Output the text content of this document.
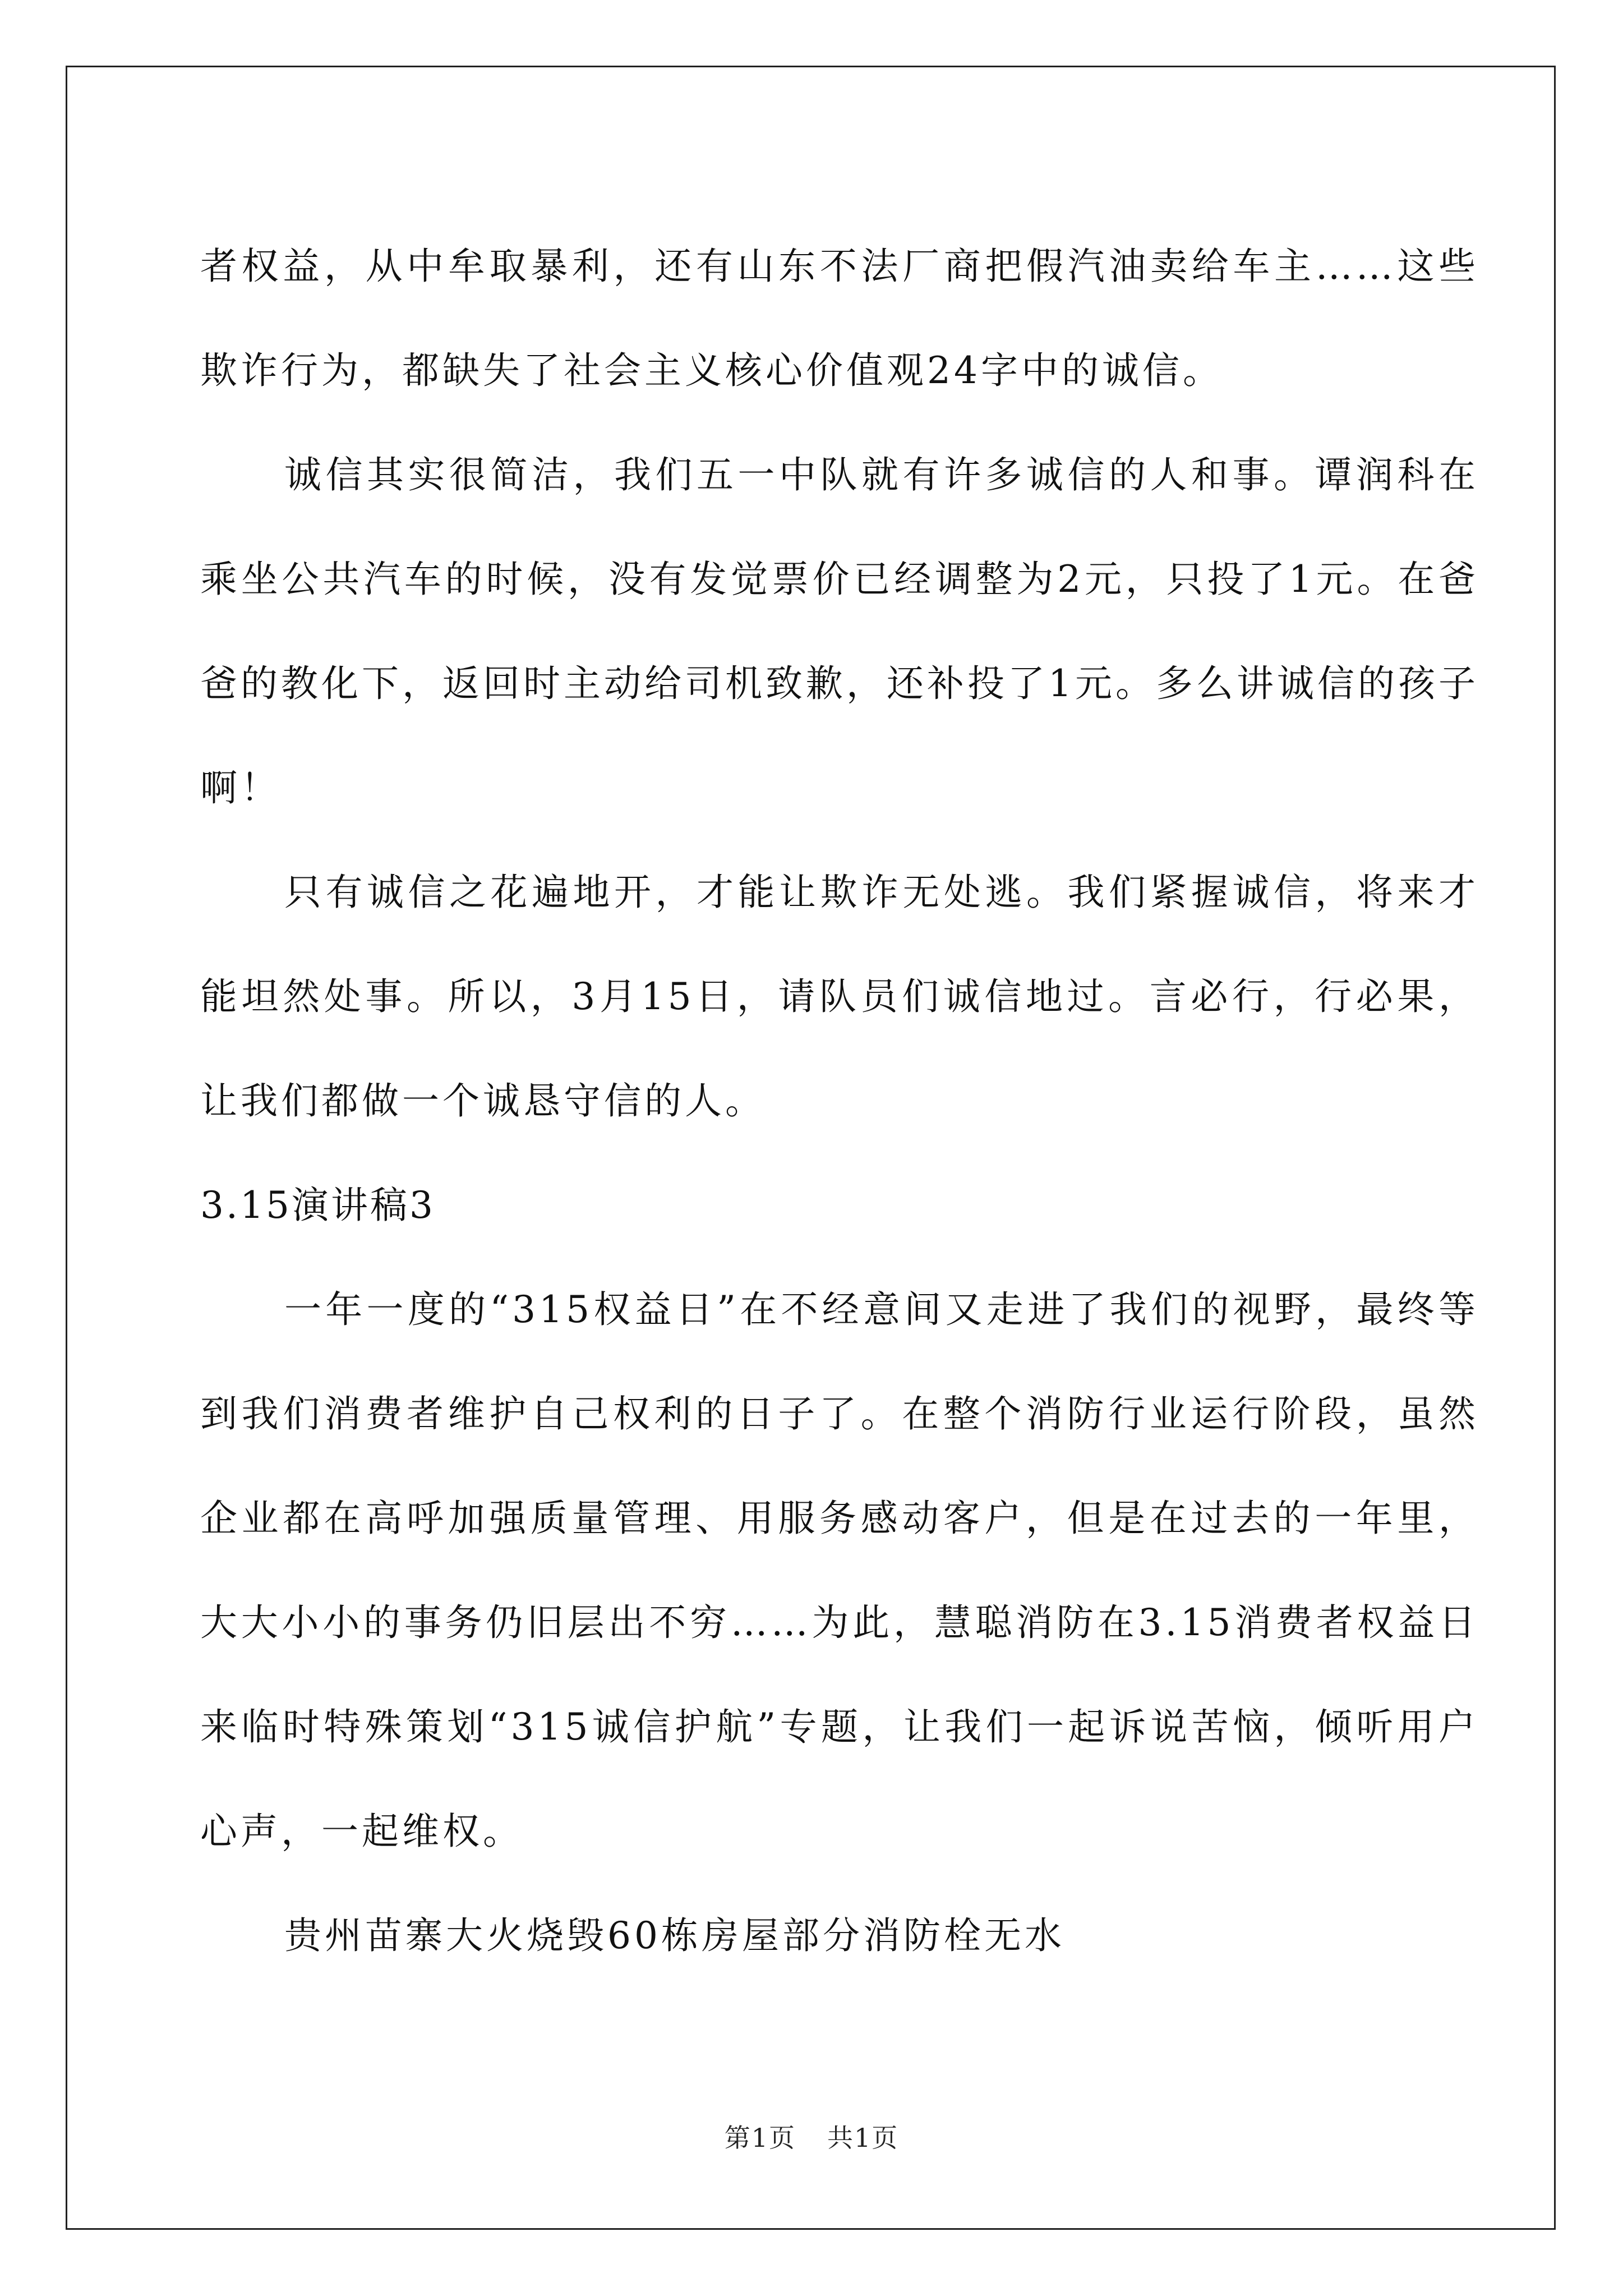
者权益，从中牟取暴利，还有山东不法厂商把假汽油卖给车主……这些欺诈行为，都缺失了社会主义核心价值观24字中的诚信。

诚信其实很简洁，我们五一中队就有许多诚信的人和事。谭润科在乘坐公共汽车的时候，没有发觉票价已经调整为2元，只投了1元。在爸爸的教化下，返回时主动给司机致歉，还补投了1元。多么讲诚信的孩子啊！

只有诚信之花遍地开，才能让欺诈无处逃。我们紧握诚信，将来才能坦然处事。所以，3月15日，请队员们诚信地过。言必行，行必果，让我们都做一个诚恳守信的人。

3.15演讲稿3

一年一度的“315权益日”在不经意间又走进了我们的视野，最终等到我们消费者维护自己权利的日子了。在整个消防行业运行阶段，虽然企业都在高呼加强质量管理、用服务感动客户，但是在过去的一年里，大大小小的事务仍旧层出不穷……为此，慧聪消防在3.15消费者权益日来临时特殊策划“315诚信护航”专题，让我们一起诉说苦恼，倾听用户心声，一起维权。

贵州苗寨大火烧毁60栋房屋部分消防栓无水

第1页 共1页
